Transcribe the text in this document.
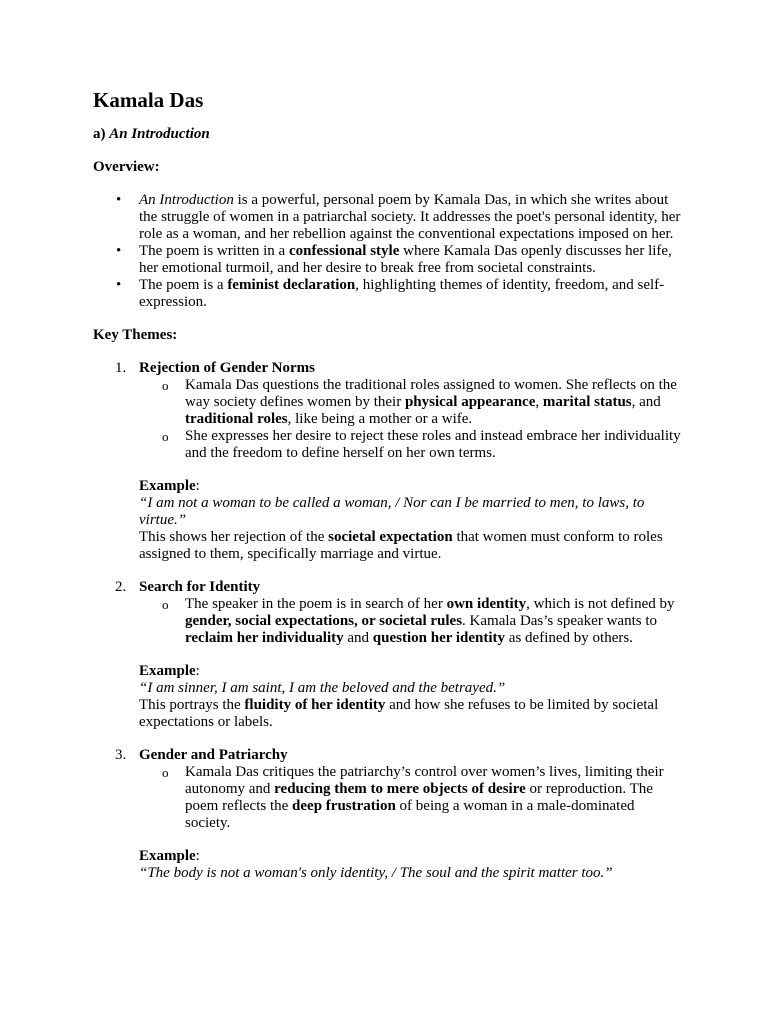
Kamala Das
a) An Introduction
Overview:
• An Introduction is a powerful, personal poem by Kamala Das, in which she writes about the struggle of women in a patriarchal society. It addresses the poet's personal identity, her role as a woman, and her rebellion against the conventional expectations imposed on her.
• The poem is written in a confessional style where Kamala Das openly discusses her life, her emotional turmoil, and her desire to break free from societal constraints.
• The poem is a feminist declaration, highlighting themes of identity, freedom, and self-expression.
Key Themes:
1. Rejection of Gender Norms
o Kamala Das questions the traditional roles assigned to women. She reflects on the way society defines women by their physical appearance, marital status, and traditional roles, like being a mother or a wife.
o She expresses her desire to reject these roles and instead embrace her individuality and the freedom to define herself on her own terms.
Example:
“I am not a woman to be called a woman, / Nor can I be married to men, to laws, to virtue.”
This shows her rejection of the societal expectation that women must conform to roles assigned to them, specifically marriage and virtue.
2. Search for Identity
o The speaker in the poem is in search of her own identity, which is not defined by gender, social expectations, or societal rules. Kamala Das’s speaker wants to reclaim her individuality and question her identity as defined by others.
Example:
“I am sinner, I am saint, I am the beloved and the betrayed.”
This portrays the fluidity of her identity and how she refuses to be limited by societal expectations or labels.
3. Gender and Patriarchy
o Kamala Das critiques the patriarchy’s control over women’s lives, limiting their autonomy and reducing them to mere objects of desire or reproduction. The poem reflects the deep frustration of being a woman in a male-dominated society.
Example:
“The body is not a woman's only identity, / The soul and the spirit matter too.”
